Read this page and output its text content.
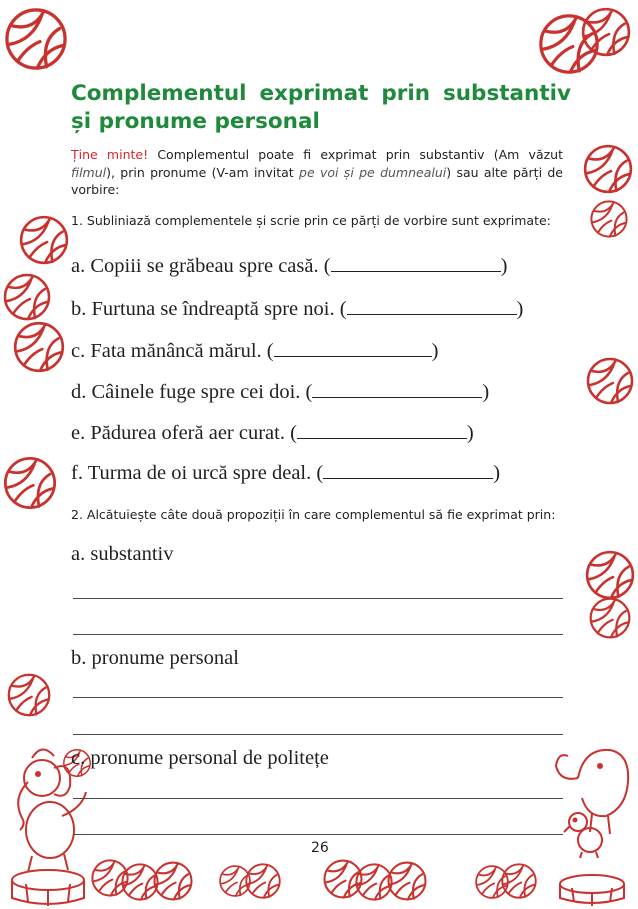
Complementul exprimat prin substantiv și pronume personal
Ține minte! Complementul poate fi exprimat prin substantiv (Am văzut filmul), prin pronume (V-am invitat pe voi și pe dumnealui) sau alte părți de vorbire:
1. Subliniază complementele și scrie prin ce părți de vorbire sunt exprimate:
a. Copiii se grăbeau spre casă. (	)
b. Furtuna se îndreaptă spre noi. (	)
c. Fata mănâncă mărul. (	)
d. Câinele fuge spre cei doi. (	)
e. Pădurea oferă aer curat. (	)
f. Turma de oi urcă spre deal. (	)
2. Alcătuiește câte două propoziții în care complementul să fie exprimat prin:
a. substantiv
b. pronume personal
c. pronume personal de politețe
26
